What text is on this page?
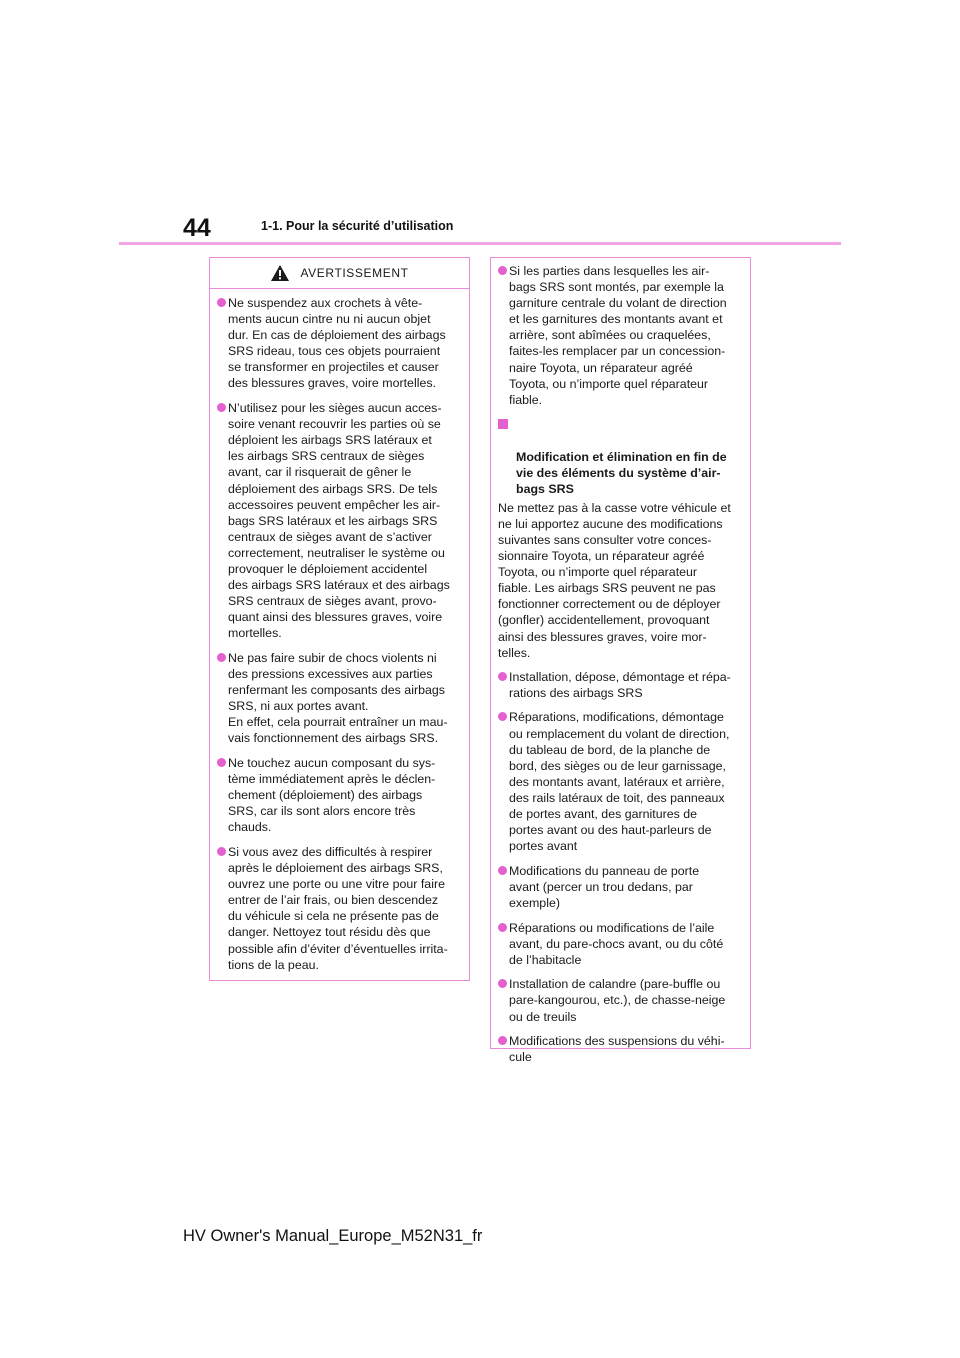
44	1-1. Pour la sécurité d’utilisation
AVERTISSEMENT
Ne suspendez aux crochets à vête-
ments aucun cintre nu ni aucun objet
dur. En cas de déploiement des airbags
SRS rideau, tous ces objets pourraient
se transformer en projectiles et causer
des blessures graves, voire mortelles.
N’utilisez pour les sièges aucun acces-
soire venant recouvrir les parties où se
déploient les airbags SRS latéraux et
les airbags SRS centraux de sièges
avant, car il risquerait de gêner le
déploiement des airbags SRS. De tels
accessoires peuvent empêcher les air-
bags SRS latéraux et les airbags SRS
centraux de sièges avant de s’activer
correctement, neutraliser le système ou
provoquer le déploiement accidentel
des airbags SRS latéraux et des airbags
SRS centraux de sièges avant, provo-
quant ainsi des blessures graves, voire
mortelles.
Ne pas faire subir de chocs violents ni
des pressions excessives aux parties
renfermant les composants des airbags
SRS, ni aux portes avant.
En effet, cela pourrait entraîner un mau-
vais fonctionnement des airbags SRS.
Ne touchez aucun composant du sys-
tème immédiatement après le déclen-
chement (déploiement) des airbags
SRS, car ils sont alors encore très
chauds.
Si vous avez des difficultés à respirer
après le déploiement des airbags SRS,
ouvrez une porte ou une vitre pour faire
entrer de l’air frais, ou bien descendez
du véhicule si cela ne présente pas de
danger. Nettoyez tout résidu dès que
possible afin d’éviter d’éventuelles irrita-
tions de la peau.
Si les parties dans lesquelles les air-
bags SRS sont montés, par exemple la
garniture centrale du volant de direction
et les garnitures des montants avant et
arrière, sont abîmées ou craquelées,
faites-les remplacer par un concession-
naire Toyota, un réparateur agréé
Toyota, ou n’importe quel réparateur
fiable.

Modification et élimination en fin de
vie des éléments du système d’air-
bags SRS

Ne mettez pas à la casse votre véhicule et
ne lui apportez aucune des modifications
suivantes sans consulter votre conces-
sionnaire Toyota, un réparateur agréé
Toyota, ou n’importe quel réparateur
fiable. Les airbags SRS peuvent ne pas
fonctionner correctement ou de déployer
(gonfler) accidentellement, provoquant
ainsi des blessures graves, voire mor-
telles.
Installation, dépose, démontage et répa-
rations des airbags SRS
Réparations, modifications, démontage
ou remplacement du volant de direction,
du tableau de bord, de la planche de
bord, des sièges ou de leur garnissage,
des montants avant, latéraux et arrière,
des rails latéraux de toit, des panneaux
de portes avant, des garnitures de
portes avant ou des haut-parleurs de
portes avant
Modifications du panneau de porte
avant (percer un trou dedans, par
exemple)
Réparations ou modifications de l’aile
avant, du pare-chocs avant, ou du côté
de l’habitacle
Installation de calandre (pare-buffle ou
pare-kangourou, etc.), de chasse-neige
ou de treuils
Modifications des suspensions du véhi-
cule
HV Owner's Manual_Europe_M52N31_fr
